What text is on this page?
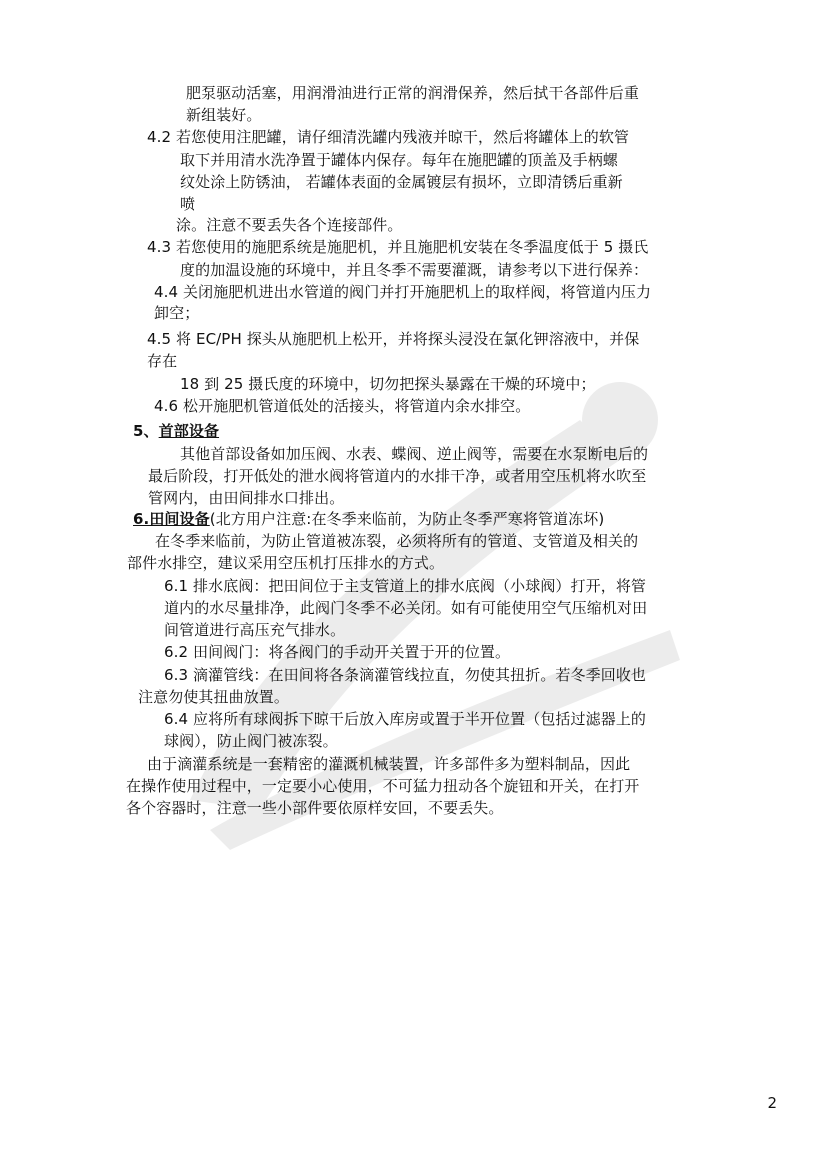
肥泵驱动活塞，用润滑油进行正常的润滑保养，然后拭干各部件后重
新组装好。
4.2 若您使用注肥罐，请仔细清洗罐内残液并晾干，然后将罐体上的软管
取下并用清水洗净置于罐体内保存。每年在施肥罐的顶盖及手柄螺
纹处涂上防锈油， 若罐体表面的金属镀层有损坏，立即清锈后重新
喷
涂。注意不要丢失各个连接部件。
4.3 若您使用的施肥系统是施肥机，并且施肥机安装在冬季温度低于 5 摄氏
度的加温设施的环境中，并且冬季不需要灌溉，请参考以下进行保养：
4.4 关闭施肥机进出水管道的阀门并打开施肥机上的取样阀，将管道内压力
卸空；
4.5 将 EC/PH 探头从施肥机上松开，并将探头浸没在氯化钾溶液中，并保
存在
18 到 25 摄氏度的环境中，切勿把探头暴露在干燥的环境中；
4.6 松开施肥机管道低处的活接头，将管道内余水排空。
5、首部设备
其他首部设备如加压阀、水表、蝶阀、逆止阀等，需要在水泵断电后的
最后阶段，打开低处的泄水阀将管道内的水排干净，或者用空压机将水吹至
管网内，由田间排水口排出。
6.田间设备(北方用户注意:在冬季来临前，为防止冬季严寒将管道冻坏)
在冬季来临前，为防止管道被冻裂，必须将所有的管道、支管道及相关的
部件水排空，建议采用空压机打压排水的方式。
6.1 排水底阀：把田间位于主支管道上的排水底阀（小球阀）打开，将管
道内的水尽量排净，此阀门冬季不必关闭。如有可能使用空气压缩机对田
间管道进行高压充气排水。
6.2 田间阀门：将各阀门的手动开关置于开的位置。
6.3 滴灌管线：在田间将各条滴灌管线拉直，勿使其扭折。若冬季回收也
注意勿使其扭曲放置。
6.4 应将所有球阀拆下晾干后放入库房或置于半开位置（包括过滤器上的
球阀），防止阀门被冻裂。
由于滴灌系统是一套精密的灌溉机械装置，许多部件多为塑料制品，因此
在操作使用过程中，一定要小心使用，不可猛力扭动各个旋钮和开关，在打开
各个容器时，注意一些小部件要依原样安回，不要丢失。
2
